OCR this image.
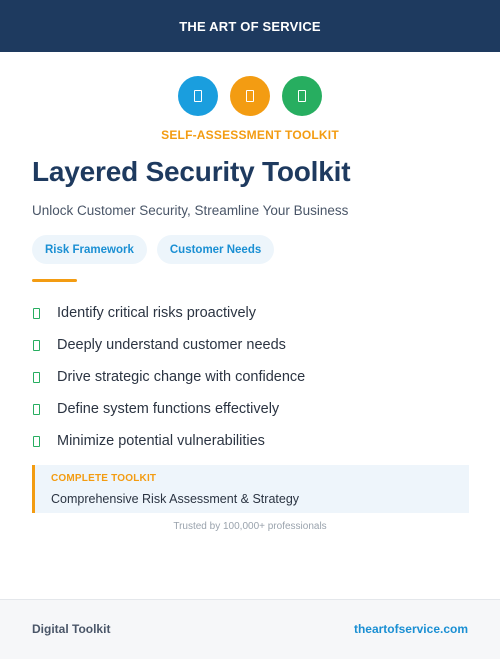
THE ART OF SERVICE
SELF-ASSESSMENT TOOLKIT
Layered Security Toolkit
Unlock Customer Security, Streamline Your Business
Risk Framework	Customer Needs
Identify critical risks proactively
Deeply understand customer needs
Drive strategic change with confidence
Define system functions effectively
Minimize potential vulnerabilities
COMPLETE TOOLKIT
Comprehensive Risk Assessment & Strategy
Trusted by 100,000+ professionals
Digital Toolkit	theartofservice.com
